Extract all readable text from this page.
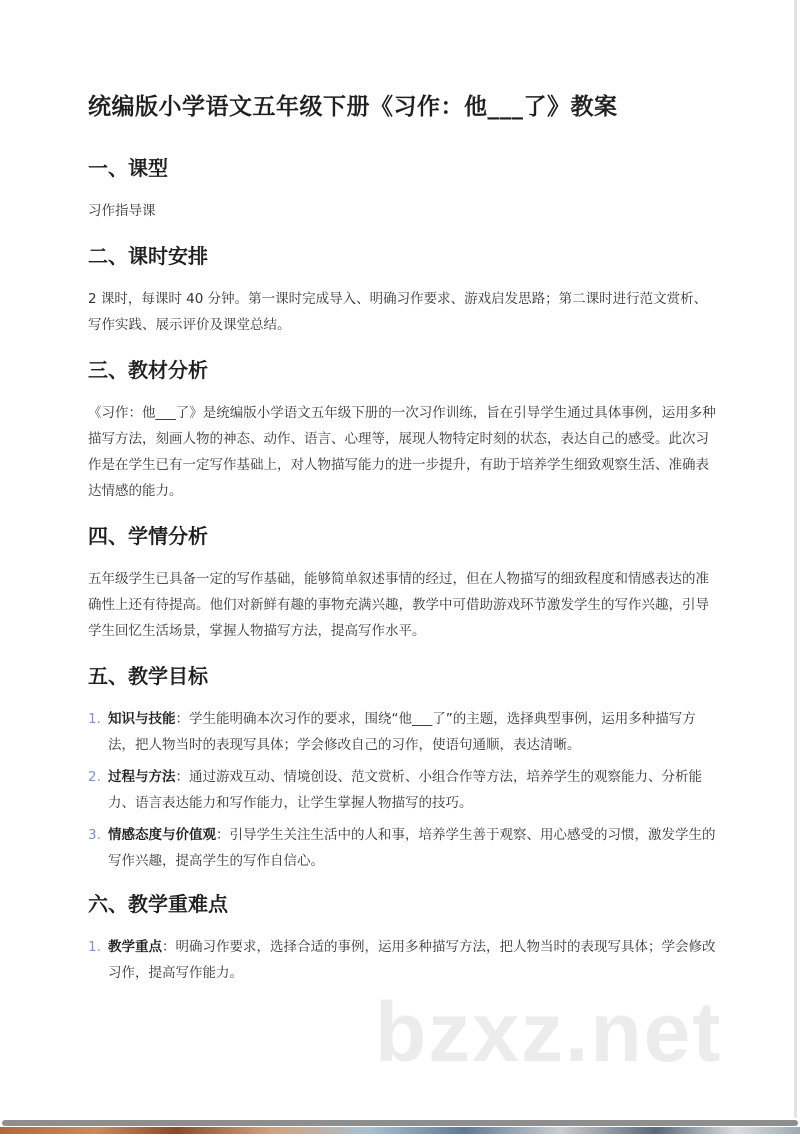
统编版小学语文五年级下册《习作：他___了》教案
一、课型

习作指导课

二、课时安排

2 课时，每课时 40 分钟。第一课时完成导入、明确习作要求、游戏启发思路；第二课时进行范文赏析、写作实践、展示评价及课堂总结。

三、教材分析

《习作：他___了》是统编版小学语文五年级下册的一次习作训练，旨在引导学生通过具体事例，运用多种描写方法，刻画人物的神态、动作、语言、心理等，展现人物特定时刻的状态，表达自己的感受。此次习作是在学生已有一定写作基础上，对人物描写能力的进一步提升，有助于培养学生细致观察生活、准确表达情感的能力。

四、学情分析

五年级学生已具备一定的写作基础，能够简单叙述事情的经过，但在人物描写的细致程度和情感表达的准确性上还有待提高。他们对新鲜有趣的事物充满兴趣，教学中可借助游戏环节激发学生的写作兴趣，引导学生回忆生活场景，掌握人物描写方法，提高写作水平。

五、教学目标
1. 知识与技能：学生能明确本次习作的要求，围绕“他___了”的主题，选择典型事例，运用多种描写方法，把人物当时的表现写具体；学会修改自己的习作，使语句通顺，表达清晰。
2. 过程与方法：通过游戏互动、情境创设、范文赏析、小组合作等方法，培养学生的观察能力、分析能力、语言表达能力和写作能力，让学生掌握人物描写的技巧。
3. 情感态度与价值观：引导学生关注生活中的人和事，培养学生善于观察、用心感受的习惯，激发学生的写作兴趣，提高学生的写作自信心。
六、教学重难点
1. 教学重点：明确习作要求，选择合适的事例，运用多种描写方法，把人物当时的表现写具体；学会修改习作，提高写作能力。
bzxz.net
